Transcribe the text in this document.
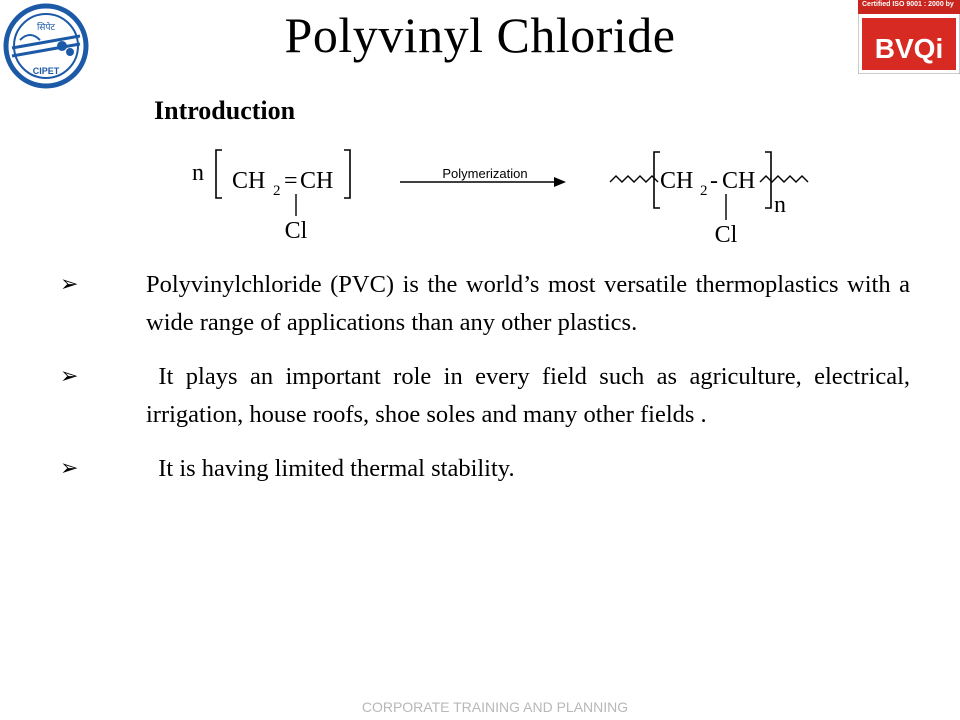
सिपेट
CIPET
BVQi
Certified ISO 9001 : 2000 by
Polyvinyl Chloride
Introduction
n CH 2 = CH
Cl
Polymerization	CH 2 - CH
Cl
n
➢	Polyvinylchloride (PVC) is the world’s most versatile thermoplastics with a wide range of applications than any other plastics.
➢	It plays an important role in every field such as agriculture, electrical, irrigation, house roofs, shoe soles and many other fields .
➢	It is having limited thermal stability.
CORPORATE TRAINING AND PLANNING
